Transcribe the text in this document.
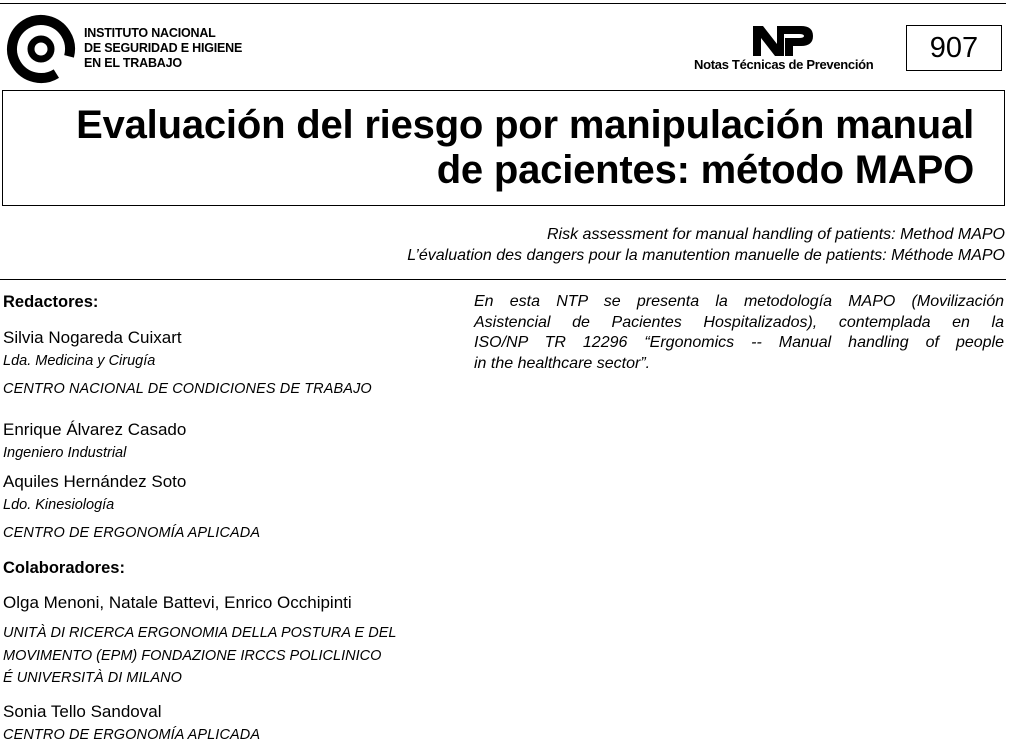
INSTITUTO NACIONAL
DE SEGURIDAD E HIGIENE
EN EL TRABAJO	Notas Técnicas de Prevención
907
Evaluación del riesgo por manipulación manual
de pacientes: método MAPO
Risk assessment for manual handling of patients: Method MAPO
L’évaluation des dangers pour la manutention manuelle de patients: Méthode MAPO
Redactores:
Silvia Nogareda Cuixart
Lda. Medicina y Cirugía
CENTRO NACIONAL DE CONDICIONES DE TRABAJO
Enrique Álvarez Casado
Ingeniero Industrial
Aquiles Hernández Soto
Ldo. Kinesiología
CENTRO DE ERGONOMÍA APLICADA
Colaboradores:
Olga Menoni, Natale Battevi, Enrico Occhipinti
UNITÀ DI RICERCA ERGONOMIA DELLA POSTURA E DEL
MOVIMENTO (EPM) FONDAZIONE IRCCS POLICLINICO
É UNIVERSITÀ DI MILANO
Sonia Tello Sandoval
CENTRO DE ERGONOMÍA APLICADA
En esta NTP se presenta la metodología MAPO (Movilización
Asistencial de Pacientes Hospitalizados), contemplada en la
ISO/NP TR 12296 “Ergonomics -- Manual handling of people
in the healthcare sector”.
